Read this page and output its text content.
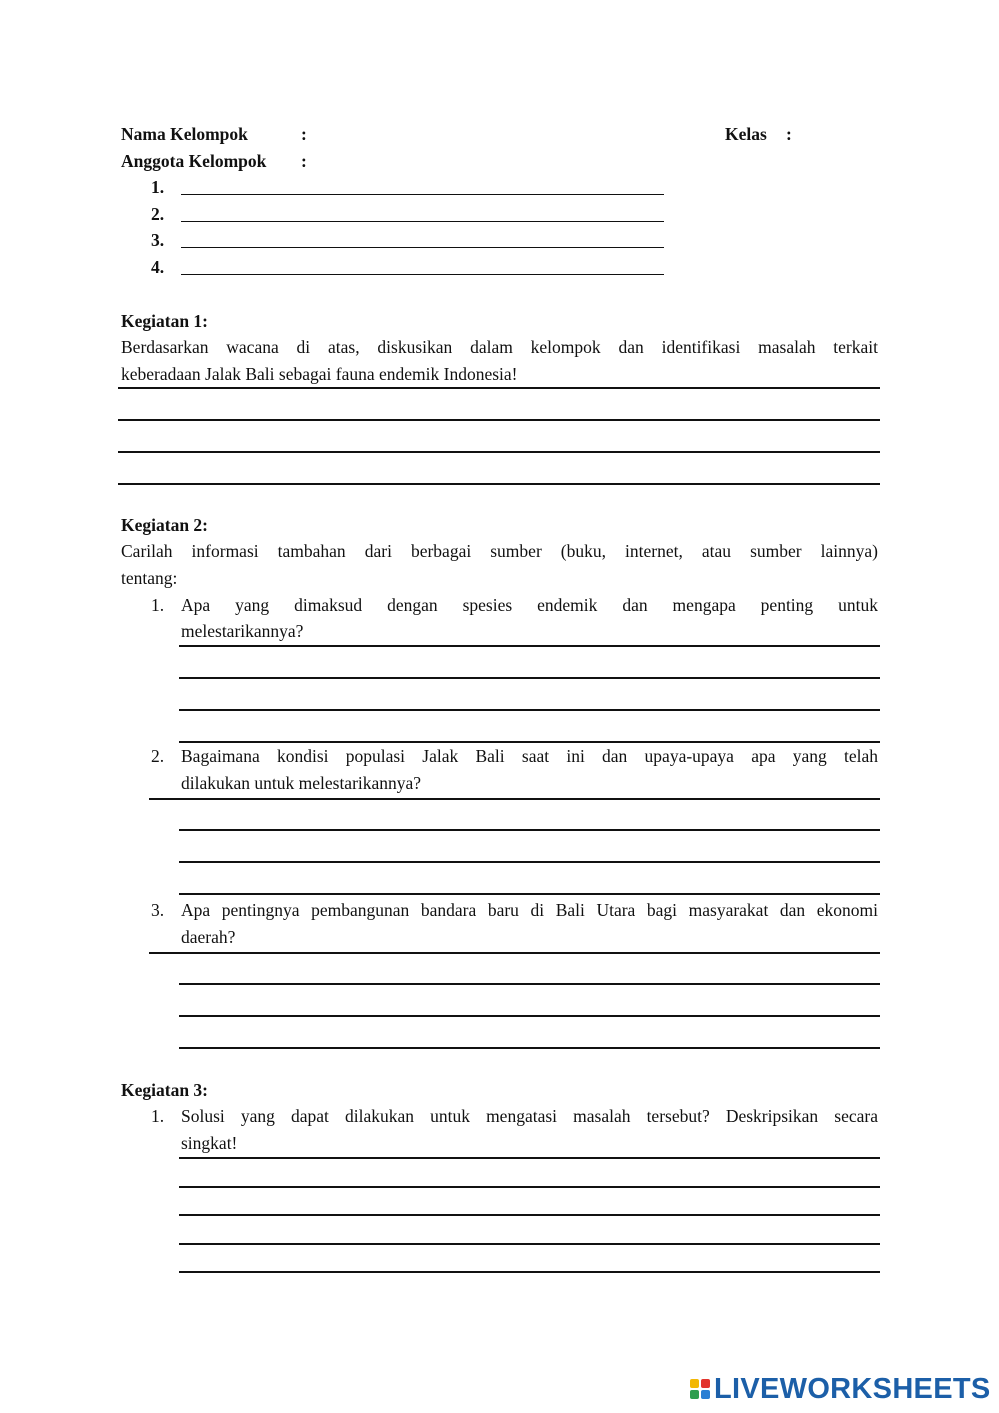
Nama Kelompok	:	Kelas :
Anggota Kelompok :
1.
2.
3.
4.
Kegiatan 1:
Berdasarkan wacana di atas, diskusikan dalam kelompok dan identifikasi masalah terkait
keberadaan Jalak Bali sebagai fauna endemik Indonesia!
Kegiatan 2:
Carilah informasi tambahan dari berbagai sumber (buku, internet, atau sumber lainnya)
tentang:
1. Apa yang dimaksud dengan spesies endemik dan mengapa penting untuk
melestarikannya?
2. Bagaimana kondisi populasi Jalak Bali saat ini dan upaya-upaya apa yang telah
dilakukan untuk melestarikannya?
3. Apa pentingnya pembangunan bandara baru di Bali Utara bagi masyarakat dan ekonomi
daerah?
Kegiatan 3:
1. Solusi yang dapat dilakukan untuk mengatasi masalah tersebut? Deskripsikan secara
singkat!
LIVEWORKSHEETS
